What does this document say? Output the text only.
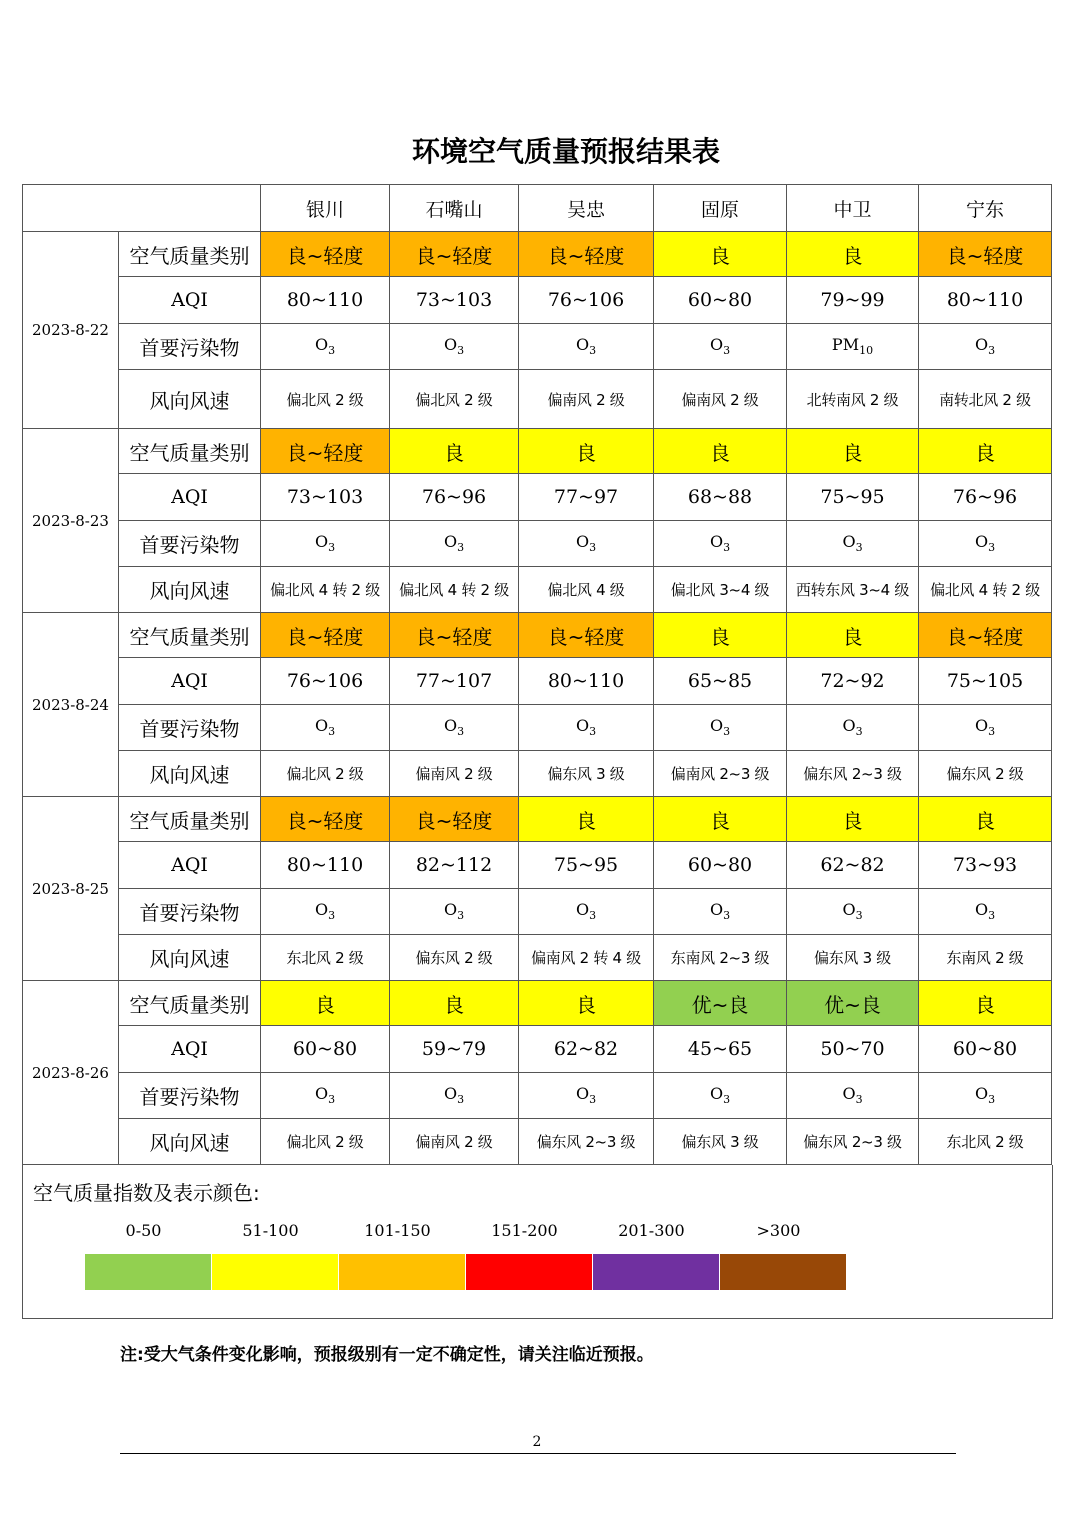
环境空气质量预报结果表
		银川	石嘴山	吴忠	固原	中卫	宁东
2023-8-22	空气质量类别	良~轻度	良~轻度	良~轻度	良	良	良~轻度
	AQI	80~110	73~103	76~106	60~80	79~99	80~110
	首要污染物	$O_3$	$O_3$	$O_3$	$O_3$	$PM_{10}$	$O_3$
	风向风速	偏北风 2 级	偏北风 2 级	偏南风 2 级	偏南风 2 级	北转南风 2 级	南转北风 2 级
2023-8-23	空气质量类别	良~轻度	良	良	良	良	良
	AQI	73~103	76~96	77~97	68~88	75~95	76~96
	首要污染物	$O_3$	$O_3$	$O_3$	$O_3$	$O_3$	$O_3$
	风向风速	偏北风 4 转 2 级	偏北风 4 转 2 级	偏北风 4 级	偏北风 3~4 级	西转东风 3~4 级	偏北风 4 转 2 级
2023-8-24	空气质量类别	良~轻度	良~轻度	良~轻度	良	良	良~轻度
	AQI	76~106	77~107	80~110	65~85	72~92	75~105
	首要污染物	$O_3$	$O_3$	$O_3$	$O_3$	$O_3$	$O_3$
	风向风速	偏北风 2 级	偏南风 2 级	偏东风 3 级	偏南风 2~3 级	偏东风 2~3 级	偏东风 2 级
2023-8-25	空气质量类别	良~轻度	良~轻度	良	良	良	良
	AQI	80~110	82~112	75~95	60~80	62~82	73~93
	首要污染物	$O_3$	$O_3$	$O_3$	$O_3$	$O_3$	$O_3$
	风向风速	东北风 2 级	偏东风 2 级	偏南风 2 转 4 级	东南风 2~3 级	偏东风 3 级	东南风 2 级
2023-8-26	空气质量类别	良	良	良	优~良	优~良	良
	AQI	60~80	59~79	62~82	45~65	50~70	60~80
	首要污染物	$O_3$	$O_3$	$O_3$	$O_3$	$O_3$	$O_3$
	风向风速	偏北风 2 级	偏南风 2 级	偏东风 2~3 级	偏东风 3 级	偏东风 2~3 级	东北风 2 级
空气质量指数及表示颜色:
0-50	51-100	101-150	151-200	201-300	>300
注:受大气条件变化影响，预报级别有一定不确定性，请关注临近预报。
2
